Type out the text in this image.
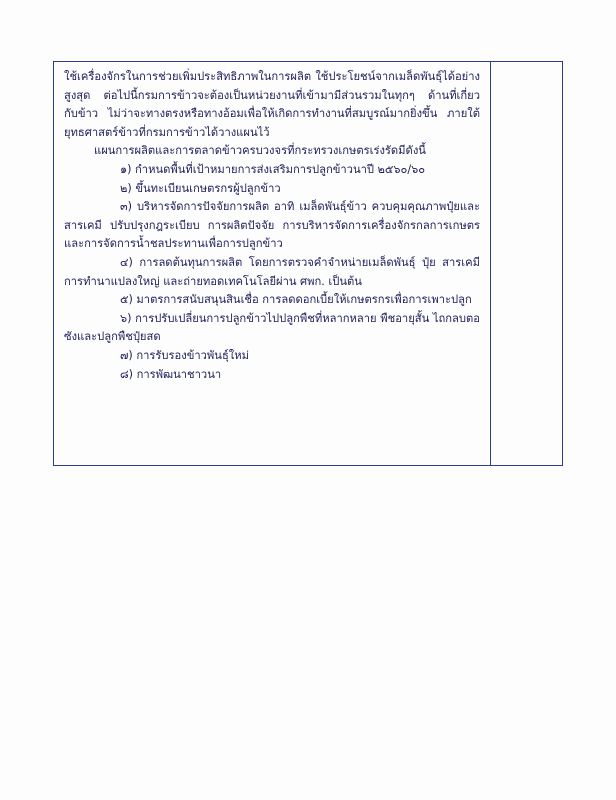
ใช้เครื่องจักรในการช่วยเพิ่มประสิทธิภาพในการผลิต ใช้ประโยชน์จากเมล็ดพันธุ์ได้อย่างสูงสุด ต่อไปนี้กรมการข้าวจะต้องเป็นหน่วยงานที่เข้ามามีส่วนรวมในทุกๆ ด้านที่เกี่ยวกับข้าว ไม่ว่าจะทางตรงหรือทางอ้อมเพื่อให้เกิดการทำงานที่สมบูรณ์มากยิ่งขึ้น ภายใต้ยุทธศาสตร์ข้าวที่กรมการข้าวได้วางแผนไว้

แผนการผลิตและการตลาดข้าวครบวงจรที่กระทรวงเกษตรเร่งรัดมีดังนี้

๑) กำหนดพื้นที่เป้าหมายการส่งเสริมการปลูกข้าวนาปี ๒๕๖๐/๖๐

๒) ขึ้นทะเบียนเกษตรกรผู้ปลูกข้าว

๓) บริหารจัดการปัจจัยการผลิต อาทิ เมล็ดพันธุ์ข้าว ควบคุมคุณภาพปุ๋ยและสารเคมี ปรับปรุงกฎระเบียบ การผลิตปัจจัย การบริหารจัดการเครื่องจักรกลการเกษตร และการจัดการน้ำชลประทานเพื่อการปลูกข้าว

๔) การลดต้นทุนการผลิต โดยการตรวจคำจำหน่ายเมล็ดพันธุ์ ปุ๋ย สารเคมี การทำนาแปลงใหญ่ และถ่ายทอดเทคโนโลยีผ่าน ศพก. เป็นต้น

๕) มาตรการสนับสนุนสินเชื่อ การลดดอกเบี้ยให้เกษตรกรเพื่อการเพาะปลูก

๖) การปรับเปลี่ยนการปลูกข้าวไปปลูกพืชที่หลากหลาย พืชอายุสั้น ไถกลบตอซังและปลูกพืชปุ๋ยสด

๗) การรับรองข้าวพันธุ์ใหม่

๘) การพัฒนาชาวนา
